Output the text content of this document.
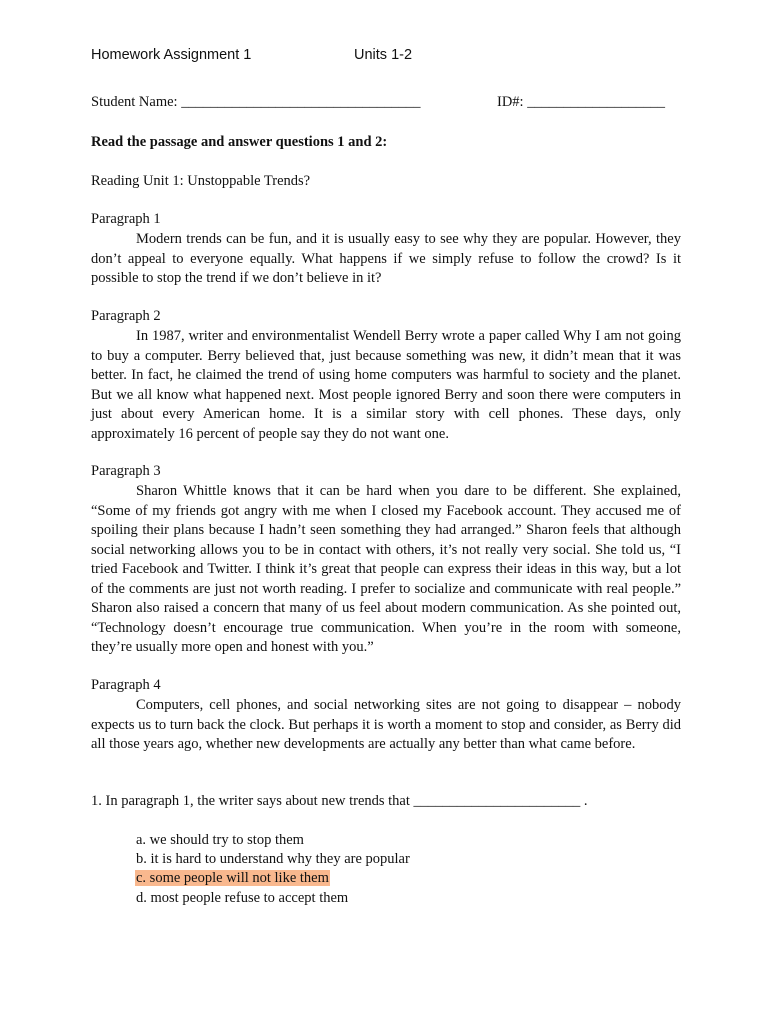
Homework Assignment 1	Units 1-2
Student Name: _________________________________	ID#: ___________________
Read the passage and answer questions 1 and 2:
Reading Unit 1: Unstoppable Trends?
Paragraph 1

Modern trends can be fun, and it is usually easy to see why they are popular. However, they don’t appeal to everyone equally. What happens if we simply refuse to follow the crowd? Is it possible to stop the trend if we don’t believe in it?

Paragraph 2

In 1987, writer and environmentalist Wendell Berry wrote a paper called Why I am not going to buy a computer. Berry believed that, just because something was new, it didn’t mean that it was better. In fact, he claimed the trend of using home computers was harmful to society and the planet. But we all know what happened next. Most people ignored Berry and soon there were computers in just about every American home. It is a similar story with cell phones. These days, only approximately 16 percent of people say they do not want one.

Paragraph 3

Sharon Whittle knows that it can be hard when you dare to be different. She explained, “Some of my friends got angry with me when I closed my Facebook account. They accused me of spoiling their plans because I hadn’t seen something they had arranged.” Sharon feels that although social networking allows you to be in contact with others, it’s not really very social. She told us, “I tried Facebook and Twitter. I think it’s great that people can express their ideas in this way, but a lot of the comments are just not worth reading. I prefer to socialize and communicate with real people.” Sharon also raised a concern that many of us feel about modern communication. As she pointed out, “Technology doesn’t encourage true communication. When you’re in the room with someone, they’re usually more open and honest with you.”

Paragraph 4

Computers, cell phones, and social networking sites are not going to disappear – nobody expects us to turn back the clock. But perhaps it is worth a moment to stop and consider, as Berry did all those years ago, whether new developments are actually any better than what came before.

1. In paragraph 1, the writer says about new trends that _______________________ .
a. we should try to stop them
b. it is hard to understand why they are popular
c. some people will not like them
d. most people refuse to accept them
